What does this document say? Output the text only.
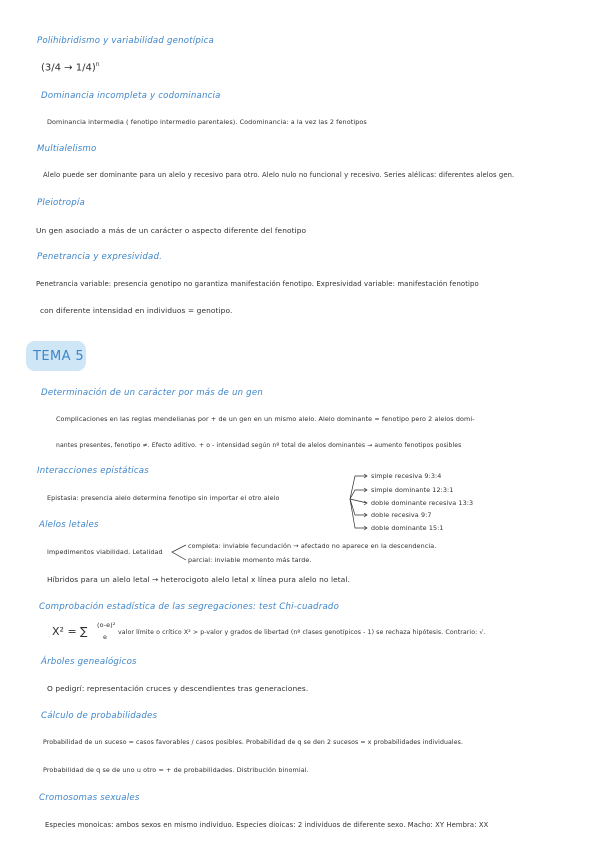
Polihibridismo y variabilidad genotípica
$(3/4 \to 1/4)^n$
Dominancia incompleta y codominancia
Dominancia intermedia ( fenotipo intermedio parentales). Codominancia: a la vez las 2 fenotipos
Multialelismo
Alelo puede ser dominante para un alelo y recesivo para otro. Alelo nulo no funcional y recesivo. Series alélicas: diferentes alelos gen.
Pleiotropía
Un gen asociado a más de un carácter o aspecto diferente del fenotipo
Penetrancia y expresividad.
Penetrancia variable: presencia genotipo no garantiza manifestación fenotipo. Expresividad variable: manifestación fenotipo
con diferente intensidad en individuos = genotipo.
TEMA 5
Determinación de un carácter por más de un gen
Complicaciones en las reglas mendelianas por + de un gen en un mismo alelo. Alelo dominante = fenotipo pero 2 alelos domi-
nantes presentes, fenotipo ≠. Efecto aditivo. + o - intensidad según nº total de alelos dominantes → aumento fenotipos posibles
Interacciones epistáticas
Epistasia: presencia alelo determina fenotipo sin importar el otro alelo
simple recesiva 9:3:4
simple dominante 12:3:1
doble dominante recesiva 13:3
doble recesiva 9:7
doble dominante 15:1
Alelos letales
Impedimentos viabilidad. Letalidad
completa: inviable fecundación → afectado no aparece en la descendencia.
parcial: inviable momento más tarde.
Híbridos para un alelo letal → heterocigoto alelo letal x línea pura alelo no letal.
Comprobación estadística de las segregaciones: test Chi-cuadrado
X² = ∑ (o-e)²
e
valor límite o crítico X² > p-valor y grados de libertad (nº clases genotípicos - 1) se rechaza hipótesis. Contrario: √.
Árboles genealógicos
O pedigrí: representación cruces y descendientes tras generaciones.
Cálculo de probabilidades
Probabilidad de un suceso = casos favorables / casos posibles. Probabilidad de q se den 2 sucesos = x probabilidades individuales.
Probabilidad de q se de uno u otro = + de probabilidades. Distribución binomial.
Cromosomas sexuales
Especies monoicas: ambos sexos en mismo individuo. Especies dioicas: 2 individuos de diferente sexo. Macho: XY Hembra: XX
